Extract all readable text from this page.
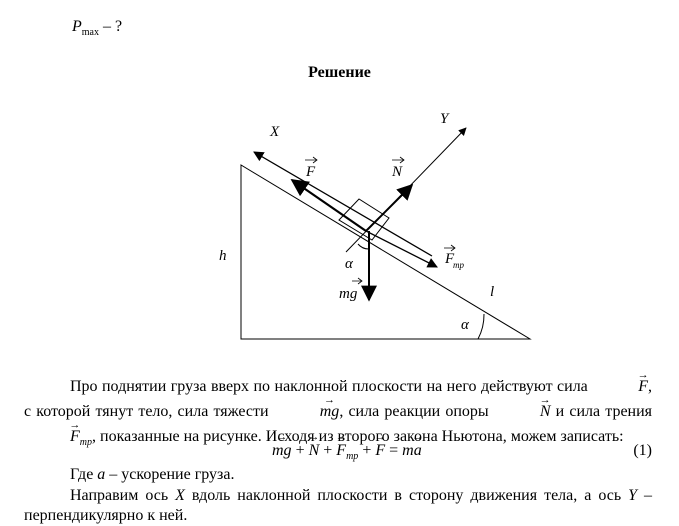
$P_{max}$ – ?
Решение
X
Y
F	N
F
тр
α
mg
h
l
α
Про поднятии груза вверх по наклонной плоскости на него действуют сила	→ F, с которой тянут тело, сила тяжести	→ mg, сила реакции опоры	→ N и сила трения → $F_{тр}$, показанные на рисунке. Исходя из второго закона Ньютона, можем записать:
→ mg + → N + → $F_{тр}$ + → F = m→ a	(1)
Где a – ускорение груза.
Направим ось X вдоль наклонной плоскости в сторону движения тела, а ось Y – перпендикулярно к ней.
